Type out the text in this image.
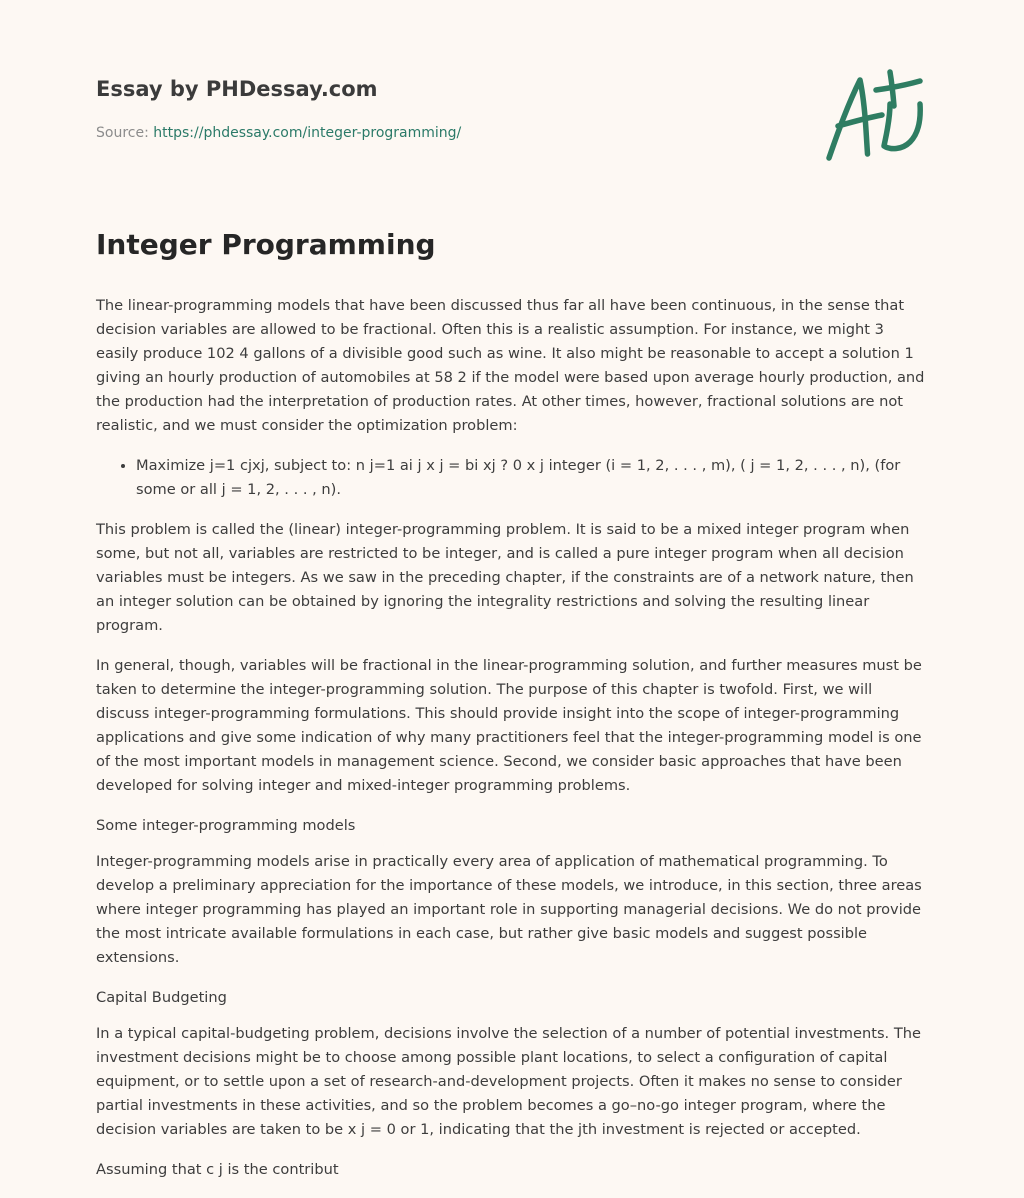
Essay by PHDessay.com
Source: https://phdessay.com/integer-programming/
Integer Programming

The linear-programming models that have been discussed thus far all have been continuous, in the sense that decision variables are allowed to be fractional. Often this is a realistic assumption. For instance, we might 3 easily produce 102 4 gallons of a divisible good such as wine. It also might be reasonable to accept a solution 1 giving an hourly production of automobiles at 58 2 if the model were based upon average hourly production, and the production had the interpretation of production rates. At other times, however, fractional solutions are not realistic, and we must consider the optimization problem:

• Maximize j=1 cjxj, subject to: n j=1 ai j x j = bi xj ? 0 x j integer (i = 1, 2, . . . , m), ( j = 1, 2, . . . , n), (for some or all j = 1, 2, . . . , n).

This problem is called the (linear) integer-programming problem. It is said to be a mixed integer program when some, but not all, variables are restricted to be integer, and is called a pure integer program when all decision variables must be integers. As we saw in the preceding chapter, if the constraints are of a network nature, then an integer solution can be obtained by ignoring the integrality restrictions and solving the resulting linear program.

In general, though, variables will be fractional in the linear-programming solution, and further measures must be taken to determine the integer-programming solution. The purpose of this chapter is twofold. First, we will discuss integer-programming formulations. This should provide insight into the scope of integer-programming applications and give some indication of why many practitioners feel that the integer-programming model is one of the most important models in management science. Second, we consider basic approaches that have been developed for solving integer and mixed-integer programming problems.

Some integer-programming models

Integer-programming models arise in practically every area of application of mathematical programming. To develop a preliminary appreciation for the importance of these models, we introduce, in this section, three areas where integer programming has played an important role in supporting managerial decisions. We do not provide the most intricate available formulations in each case, but rather give basic models and suggest possible extensions.

Capital Budgeting

In a typical capital-budgeting problem, decisions involve the selection of a number of potential investments. The investment decisions might be to choose among possible plant locations, to select a configuration of capital equipment, or to settle upon a set of research-and-development projects. Often it makes no sense to consider partial investments in these activities, and so the problem becomes a go–no-go integer program, where the decision variables are taken to be x j = 0 or 1, indicating that the jth investment is rejected or accepted.

Assuming that c j is the contribut
